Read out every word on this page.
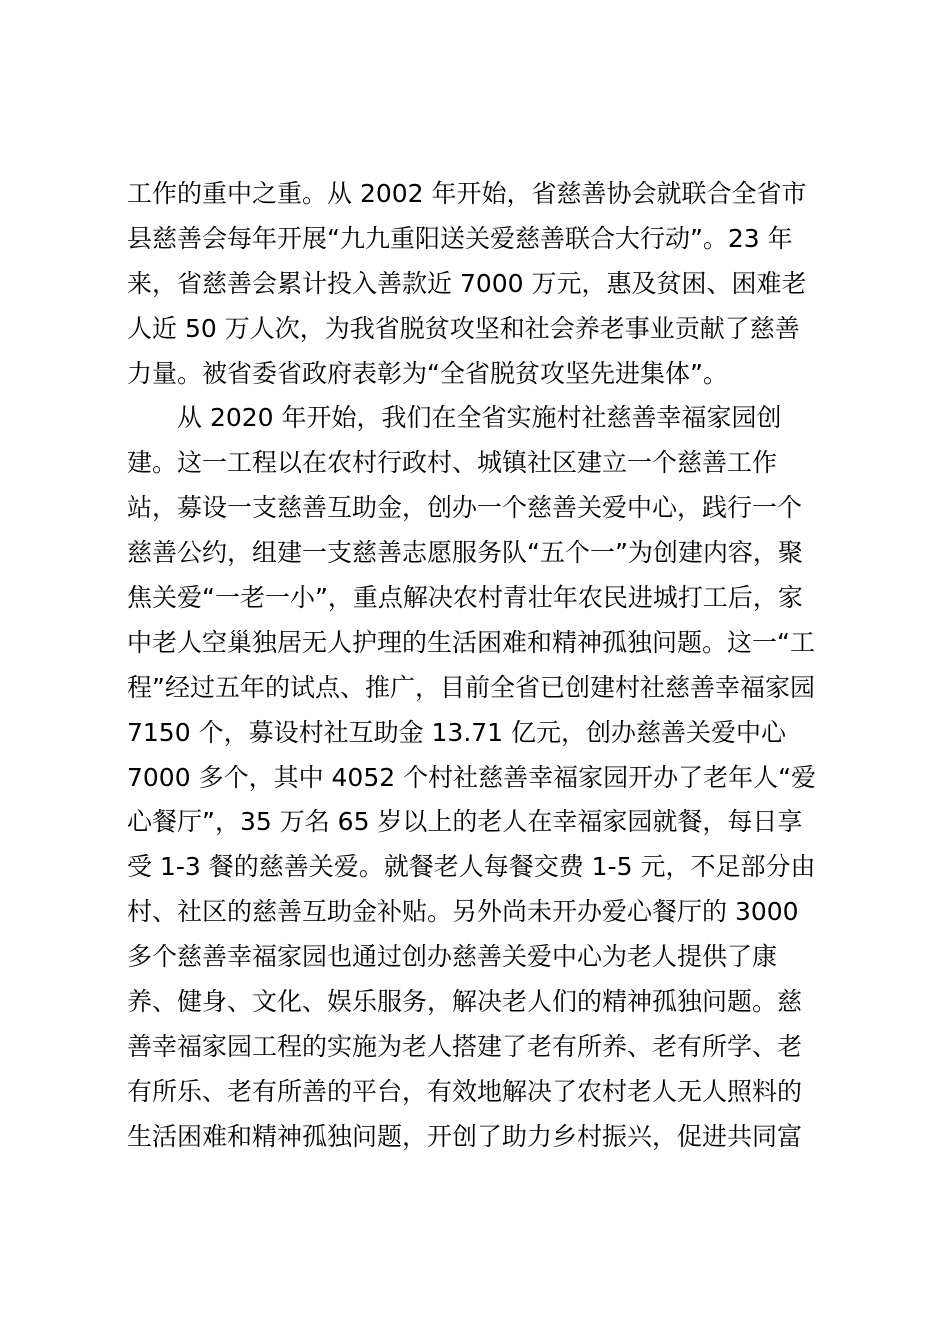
工作的重中之重。从 2002 年开始，省慈善协会就联合全省市
县慈善会每年开展“九九重阳送关爱慈善联合大行动”。23 年
来，省慈善会累计投入善款近 7000 万元，惠及贫困、困难老
人近 50 万人次，为我省脱贫攻坚和社会养老事业贡献了慈善
力量。被省委省政府表彰为“全省脱贫攻坚先进集体”。
从 2020 年开始，我们在全省实施村社慈善幸福家园创
建。这一工程以在农村行政村、城镇社区建立一个慈善工作
站，募设一支慈善互助金，创办一个慈善关爱中心，践行一个
慈善公约，组建一支慈善志愿服务队“五个一”为创建内容，聚
焦关爱“一老一小”，重点解决农村青壮年农民进城打工后，家
中老人空巢独居无人护理的生活困难和精神孤独问题。这一“工
程”经过五年的试点、推广，目前全省已创建村社慈善幸福家园
7150 个，募设村社互助金 13.71 亿元，创办慈善关爱中心
7000 多个，其中 4052 个村社慈善幸福家园开办了老年人“爱
心餐厅”，35 万名 65 岁以上的老人在幸福家园就餐，每日享
受 1-3 餐的慈善关爱。就餐老人每餐交费 1-5 元，不足部分由
村、社区的慈善互助金补贴。另外尚未开办爱心餐厅的 3000
多个慈善幸福家园也通过创办慈善关爱中心为老人提供了康
养、健身、文化、娱乐服务，解决老人们的精神孤独问题。慈
善幸福家园工程的实施为老人搭建了老有所养、老有所学、老
有所乐、老有所善的平台，有效地解决了农村老人无人照料的
生活困难和精神孤独问题，开创了助力乡村振兴，促进共同富
